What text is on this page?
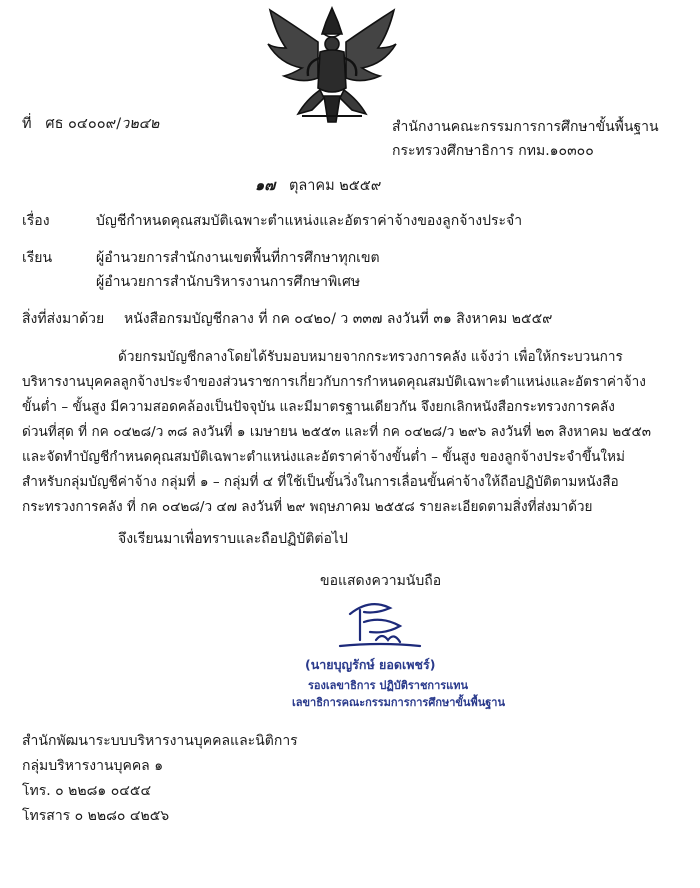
ที่ ศธ ๐๔๐๐๙/ว๒๔๒	สำนักงานคณะกรรมการการศึกษาขั้นพื้นฐาน
กระทรวงศึกษาธิการ กทม.๑๐๓๐๐
๑๗ ตุลาคม ๒๕๕๙
เรื่อง	บัญชีกำหนดคุณสมบัติเฉพาะตำแหน่งและอัตราค่าจ้างของลูกจ้างประจำ
เรียน	ผู้อำนวยการสำนักงานเขตพื้นที่การศึกษาทุกเขต
ผู้อำนวยการสำนักบริหารงานการศึกษาพิเศษ
สิ่งที่ส่งมาด้วย หนังสือกรมบัญชีกลาง ที่ กค ๐๔๒๐/ ว ๓๓๗ ลงวันที่ ๓๑ สิงหาคม ๒๕๕๙
ด้วยกรมบัญชีกลางโดยได้รับมอบหมายจากกระทรวงการคลัง แจ้งว่า เพื่อให้กระบวนการ
บริหารงานบุคคลลูกจ้างประจำของส่วนราชการเกี่ยวกับการกำหนดคุณสมบัติเฉพาะตำแหน่งและอัตราค่าจ้าง
ขั้นต่ำ – ขั้นสูง มีความสอดคล้องเป็นปัจจุบัน และมีมาตรฐานเดียวกัน จึงยกเลิกหนังสือกระทรวงการคลัง
ด่วนที่สุด ที่ กค ๐๔๒๘/ว ๓๘ ลงวันที่ ๑ เมษายน ๒๕๕๓ และที่ กค ๐๔๒๘/ว ๒๙๖ ลงวันที่ ๒๓ สิงหาคม ๒๕๕๓
และจัดทำบัญชีกำหนดคุณสมบัติเฉพาะตำแหน่งและอัตราค่าจ้างขั้นต่ำ – ขั้นสูง ของลูกจ้างประจำขึ้นใหม่
สำหรับกลุ่มบัญชีค่าจ้าง กลุ่มที่ ๑ – กลุ่มที่ ๔ ที่ใช้เป็นขั้นวิ่งในการเลื่อนขั้นค่าจ้างให้ถือปฏิบัติตามหนังสือ
กระทรวงการคลัง ที่ กค ๐๔๒๘/ว ๔๗ ลงวันที่ ๒๙ พฤษภาคม ๒๕๕๘ รายละเอียดตามสิ่งที่ส่งมาด้วย
จึงเรียนมาเพื่อทราบและถือปฏิบัติต่อไป
ขอแสดงความนับถือ
(นายบุญรักษ์ ยอดเพชร์)
รองเลขาธิการ ปฏิบัติราชการแทน
เลขาธิการคณะกรรมการการศึกษาขั้นพื้นฐาน
สำนักพัฒนาระบบบริหารงานบุคคลและนิติการ
กลุ่มบริหารงานบุคคล ๑
โทร. ๐ ๒๒๘๑ ๐๔๕๔
โทรสาร ๐ ๒๒๘๐ ๔๒๕๖
